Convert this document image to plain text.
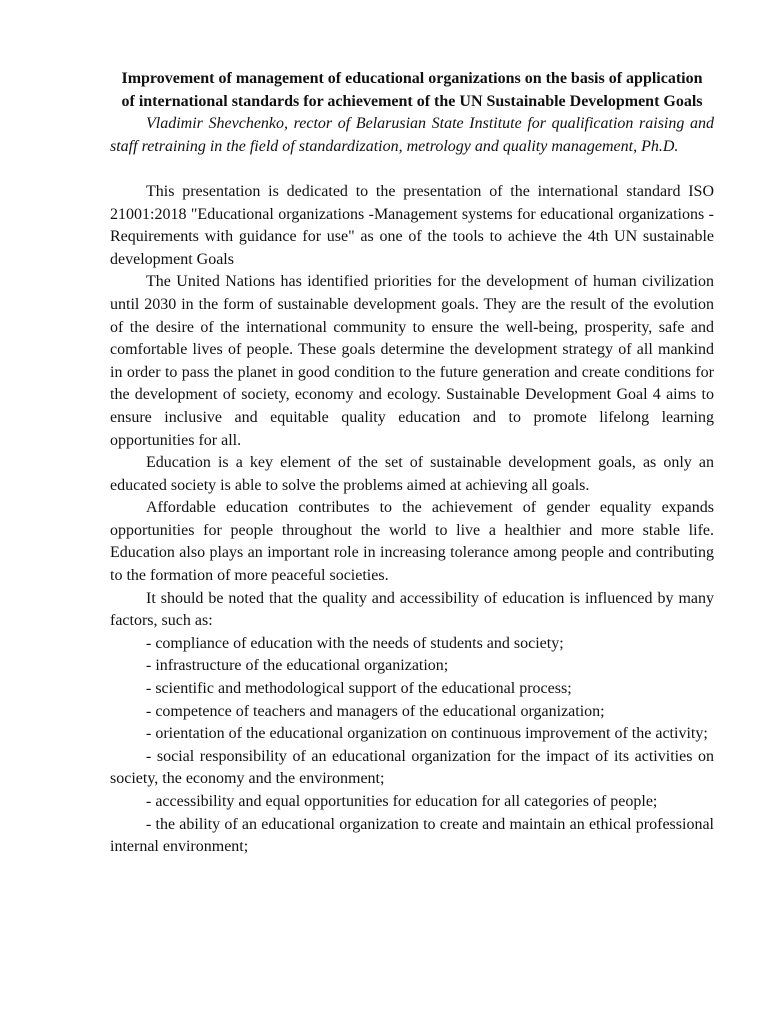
Improvement of management of educational organizations on the basis of application of international standards for achievement of the UN Sustainable Development Goals

Vladimir Shevchenko, rector of Belarusian State Institute for qualification raising and staff retraining in the field of standardization, metrology and quality management, Ph.D.

This presentation is dedicated to the presentation of the international standard ISO 21001:2018 "Educational organizations -Management systems for educational organizations - Requirements with guidance for use" as one of the tools to achieve the 4th UN sustainable development Goals

The United Nations has identified priorities for the development of human civilization until 2030 in the form of sustainable development goals. They are the result of the evolution of the desire of the international community to ensure the well-being, prosperity, safe and comfortable lives of people. These goals determine the development strategy of all mankind in order to pass the planet in good condition to the future generation and create conditions for the development of society, economy and ecology. Sustainable Development Goal 4 aims to ensure inclusive and equitable quality education and to promote lifelong learning opportunities for all.

Education is a key element of the set of sustainable development goals, as only an educated society is able to solve the problems aimed at achieving all goals.

Affordable education contributes to the achievement of gender equality expands opportunities for people throughout the world to live a healthier and more stable life. Education also plays an important role in increasing tolerance among people and contributing to the formation of more peaceful societies.

It should be noted that the quality and accessibility of education is influenced by many factors, such as:

- compliance of education with the needs of students and society;
- infrastructure of the educational organization;
- scientific and methodological support of the educational process;
- competence of teachers and managers of the educational organization;
- orientation of the educational organization on continuous improvement of the activity;
- social responsibility of an educational organization for the impact of its activities on society, the economy and the environment;
- accessibility and equal opportunities for education for all categories of people;
- the ability of an educational organization to create and maintain an ethical professional internal environment;
